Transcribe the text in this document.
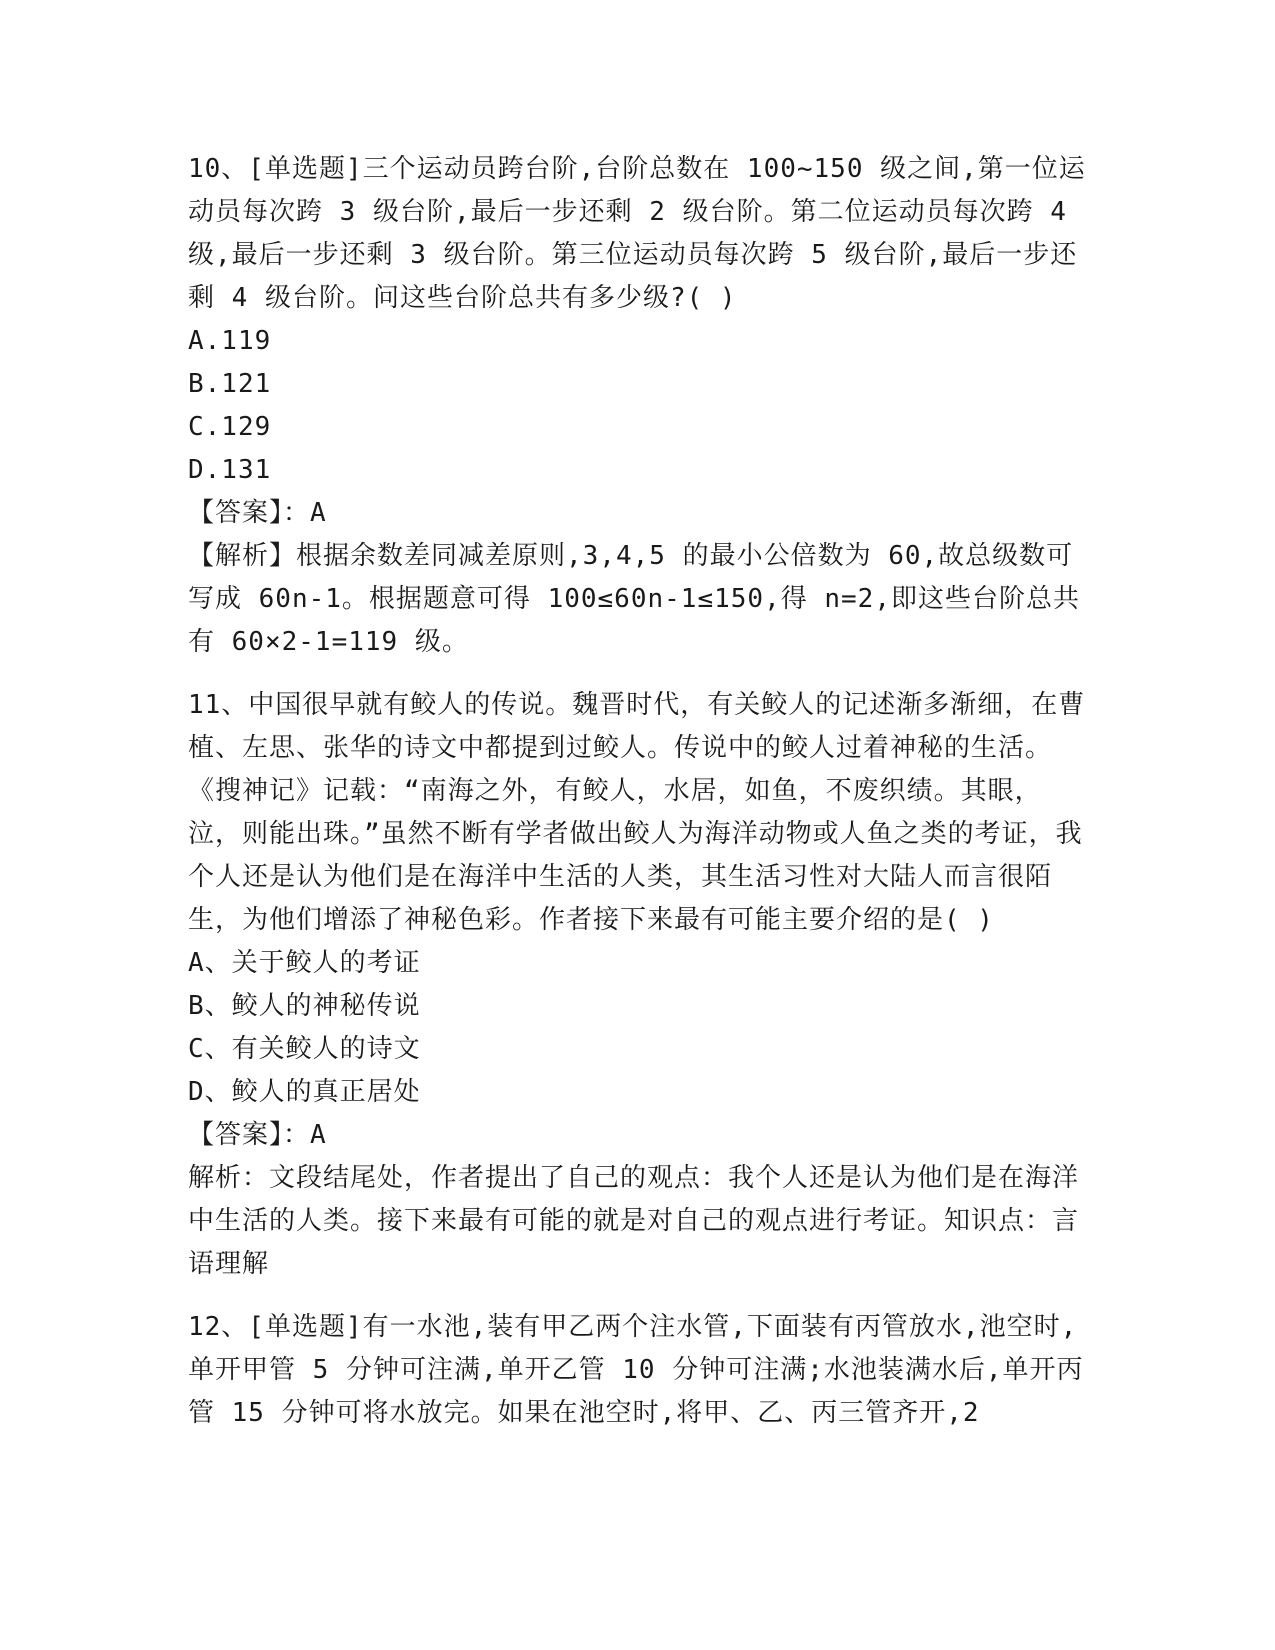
10、[单选题]三个运动员跨台阶,台阶总数在 100~150 级之间,第一位运动员每次跨 3 级台阶,最后一步还剩 2 级台阶。第二位运动员每次跨 4 级,最后一步还剩 3 级台阶。第三位运动员每次跨 5 级台阶,最后一步还剩 4 级台阶。问这些台阶总共有多少级?( )
A.119
B.121
C.129
D.131
【答案】：A
【解析】根据余数差同减差原则,3,4,5 的最小公倍数为 60,故总级数可写成 60n-1。根据题意可得 100≤60n-1≤150,得 n=2,即这些台阶总共有 60×2-1=119 级。
11、中国很早就有鲛人的传说。魏晋时代，有关鲛人的记述渐多渐细，在曹植、左思、张华的诗文中都提到过鲛人。传说中的鲛人过着神秘的生活。《搜神记》记载：“南海之外，有鲛人，水居，如鱼，不废织绩。其眼，泣，则能出珠。”虽然不断有学者做出鲛人为海洋动物或人鱼之类的考证，我个人还是认为他们是在海洋中生活的人类，其生活习性对大陆人而言很陌生，为他们增添了神秘色彩。作者接下来最有可能主要介绍的是( )
A、关于鲛人的考证
B、鲛人的神秘传说
C、有关鲛人的诗文
D、鲛人的真正居处
【答案】：A
解析：文段结尾处，作者提出了自己的观点：我个人还是认为他们是在海洋中生活的人类。接下来最有可能的就是对自己的观点进行考证。知识点：言语理解
12、[单选题]有一水池,装有甲乙两个注水管,下面装有丙管放水,池空时,单开甲管 5 分钟可注满,单开乙管 10 分钟可注满;水池装满水后,单开丙管 15 分钟可将水放完。如果在池空时,将甲、乙、丙三管齐开,2
